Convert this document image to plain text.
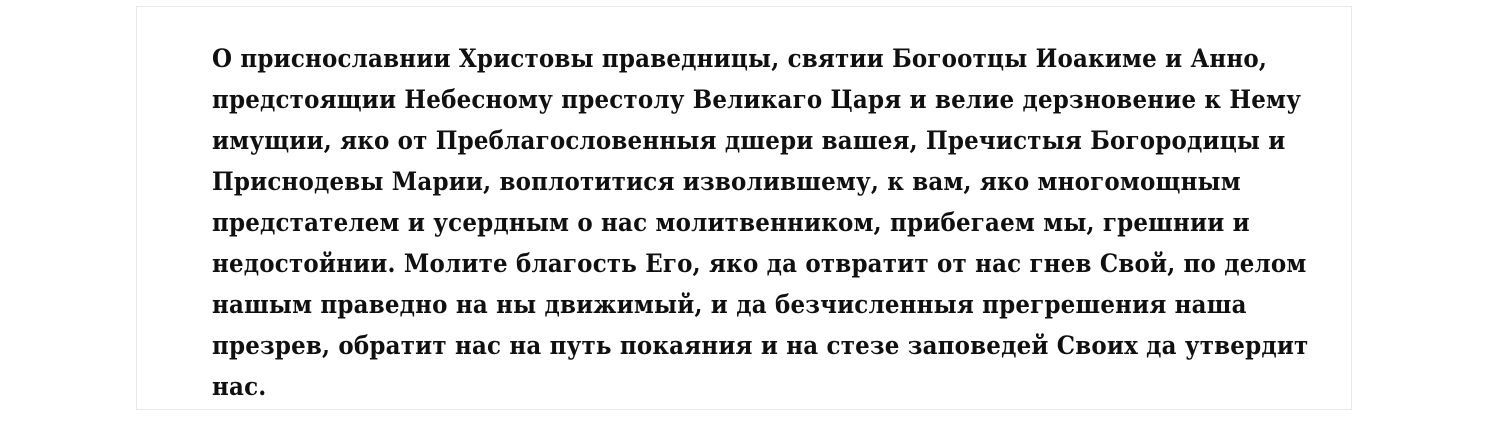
О приснославнии Христовы праведницы, святии Богоотцы Иоакиме и Анно, предстоящии Небесному престолу Великаго Царя и велие дерзновение к Нему имущии, яко от Преблагословенныя дшери вашея, Пречистыя Богородицы и Приснодевы Марии, воплотитися изволившему, к вам, яко многомощным предстателем и усердным о нас молитвенником, прибегаем мы, грешнии и недостойнии. Молите благость Его, яко да отвратит от нас гнев Свой, по делом нашым праведно на ны движимый, и да безчисленныя прегрешения наша презрев, обратит нас на путь покаяния и на стезе заповедей Своих да утвердит нас.
